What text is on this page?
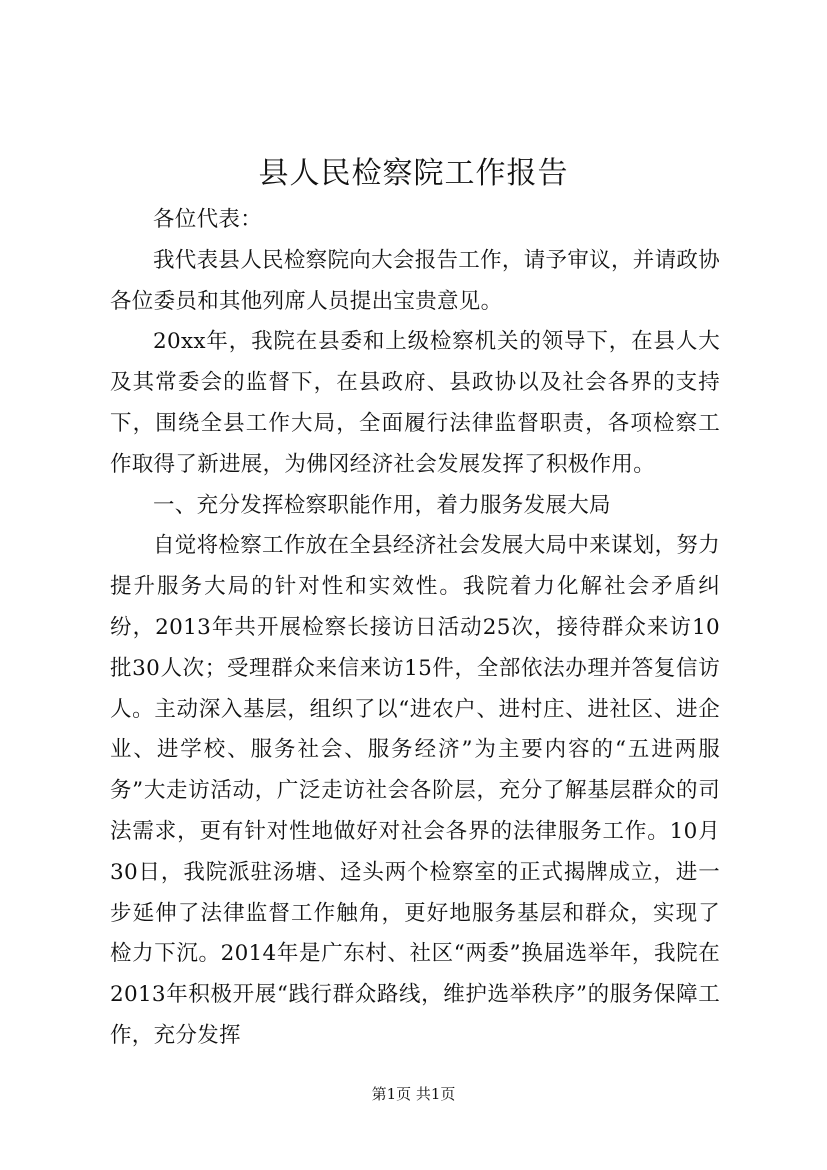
县人民检察院工作报告

各位代表：

我代表县人民检察院向大会报告工作，请予审议，并请政协各位委员和其他列席人员提出宝贵意见。

20xx年，我院在县委和上级检察机关的领导下，在县人大及其常委会的监督下，在县政府、县政协以及社会各界的支持下，围绕全县工作大局，全面履行法律监督职责，各项检察工作取得了新进展，为佛冈经济社会发展发挥了积极作用。

一、充分发挥检察职能作用，着力服务发展大局

自觉将检察工作放在全县经济社会发展大局中来谋划，努力提升服务大局的针对性和实效性。我院着力化解社会矛盾纠纷，2013年共开展检察长接访日活动25次，接待群众来访10批30人次；受理群众来信来访15件，全部依法办理并答复信访人。主动深入基层，组织了以“进农户、进村庄、进社区、进企业、进学校、服务社会、服务经济”为主要内容的“五进两服务”大走访活动，广泛走访社会各阶层，充分了解基层群众的司法需求，更有针对性地做好对社会各界的法律服务工作。10月30日，我院派驻汤塘、迳头两个检察室的正式揭牌成立，进一步延伸了法律监督工作触角，更好地服务基层和群众，实现了检力下沉。2014年是广东村、社区“两委”换届选举年，我院在2013年积极开展“践行群众路线，维护选举秩序”的服务保障工作，充分发挥

第1页 共1页
